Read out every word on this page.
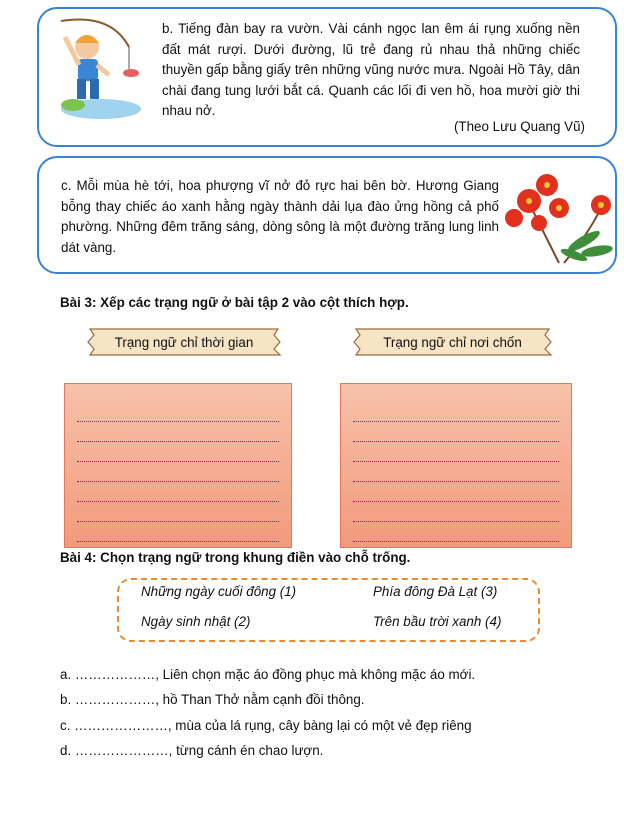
b. Tiếng đàn bay ra vườn. Vài cánh ngọc lan êm ái rụng xuống nền đất mát rượi. Dưới đường, lũ trẻ đang rủ nhau thả những chiếc thuyền gấp bằng giấy trên những vũng nước mưa. Ngoài Hồ Tây, dân chài đang tung lưới bắt cá. Quanh các lối đi ven hồ, hoa mười giờ thi nhau nở.
(Theo Lưu Quang Vũ)
c. Mỗi mùa hè tới, hoa phượng vĩ nở đỏ rực hai bên bờ. Hương Giang bỗng thay chiếc áo xanh hằng ngày thành dải lụa đào ửng hồng cả phố phường. Những đêm trăng sáng, dòng sông là một đường trăng lung linh dát vàng.
Bài 3: Xếp các trạng ngữ ở bài tập 2 vào cột thích hợp.
Trạng ngữ chỉ thời gian	Trạng ngữ chỉ nơi chốn
Bài 4: Chọn trạng ngữ trong khung điền vào chỗ trống.
Những ngày cuối đông (1)	Phía đông Đà Lạt (3)
Ngày sinh nhật (2)	Trên bầu trời xanh (4)
a. ………………, Liên chọn mặc áo đồng phục mà không mặc áo mới.
b. ………………, hồ Than Thở nằm cạnh đồi thông.
c. …………………, mùa của lá rụng, cây bàng lại có một vẻ đẹp riêng
d. …………………, từng cánh én chao lượn.
